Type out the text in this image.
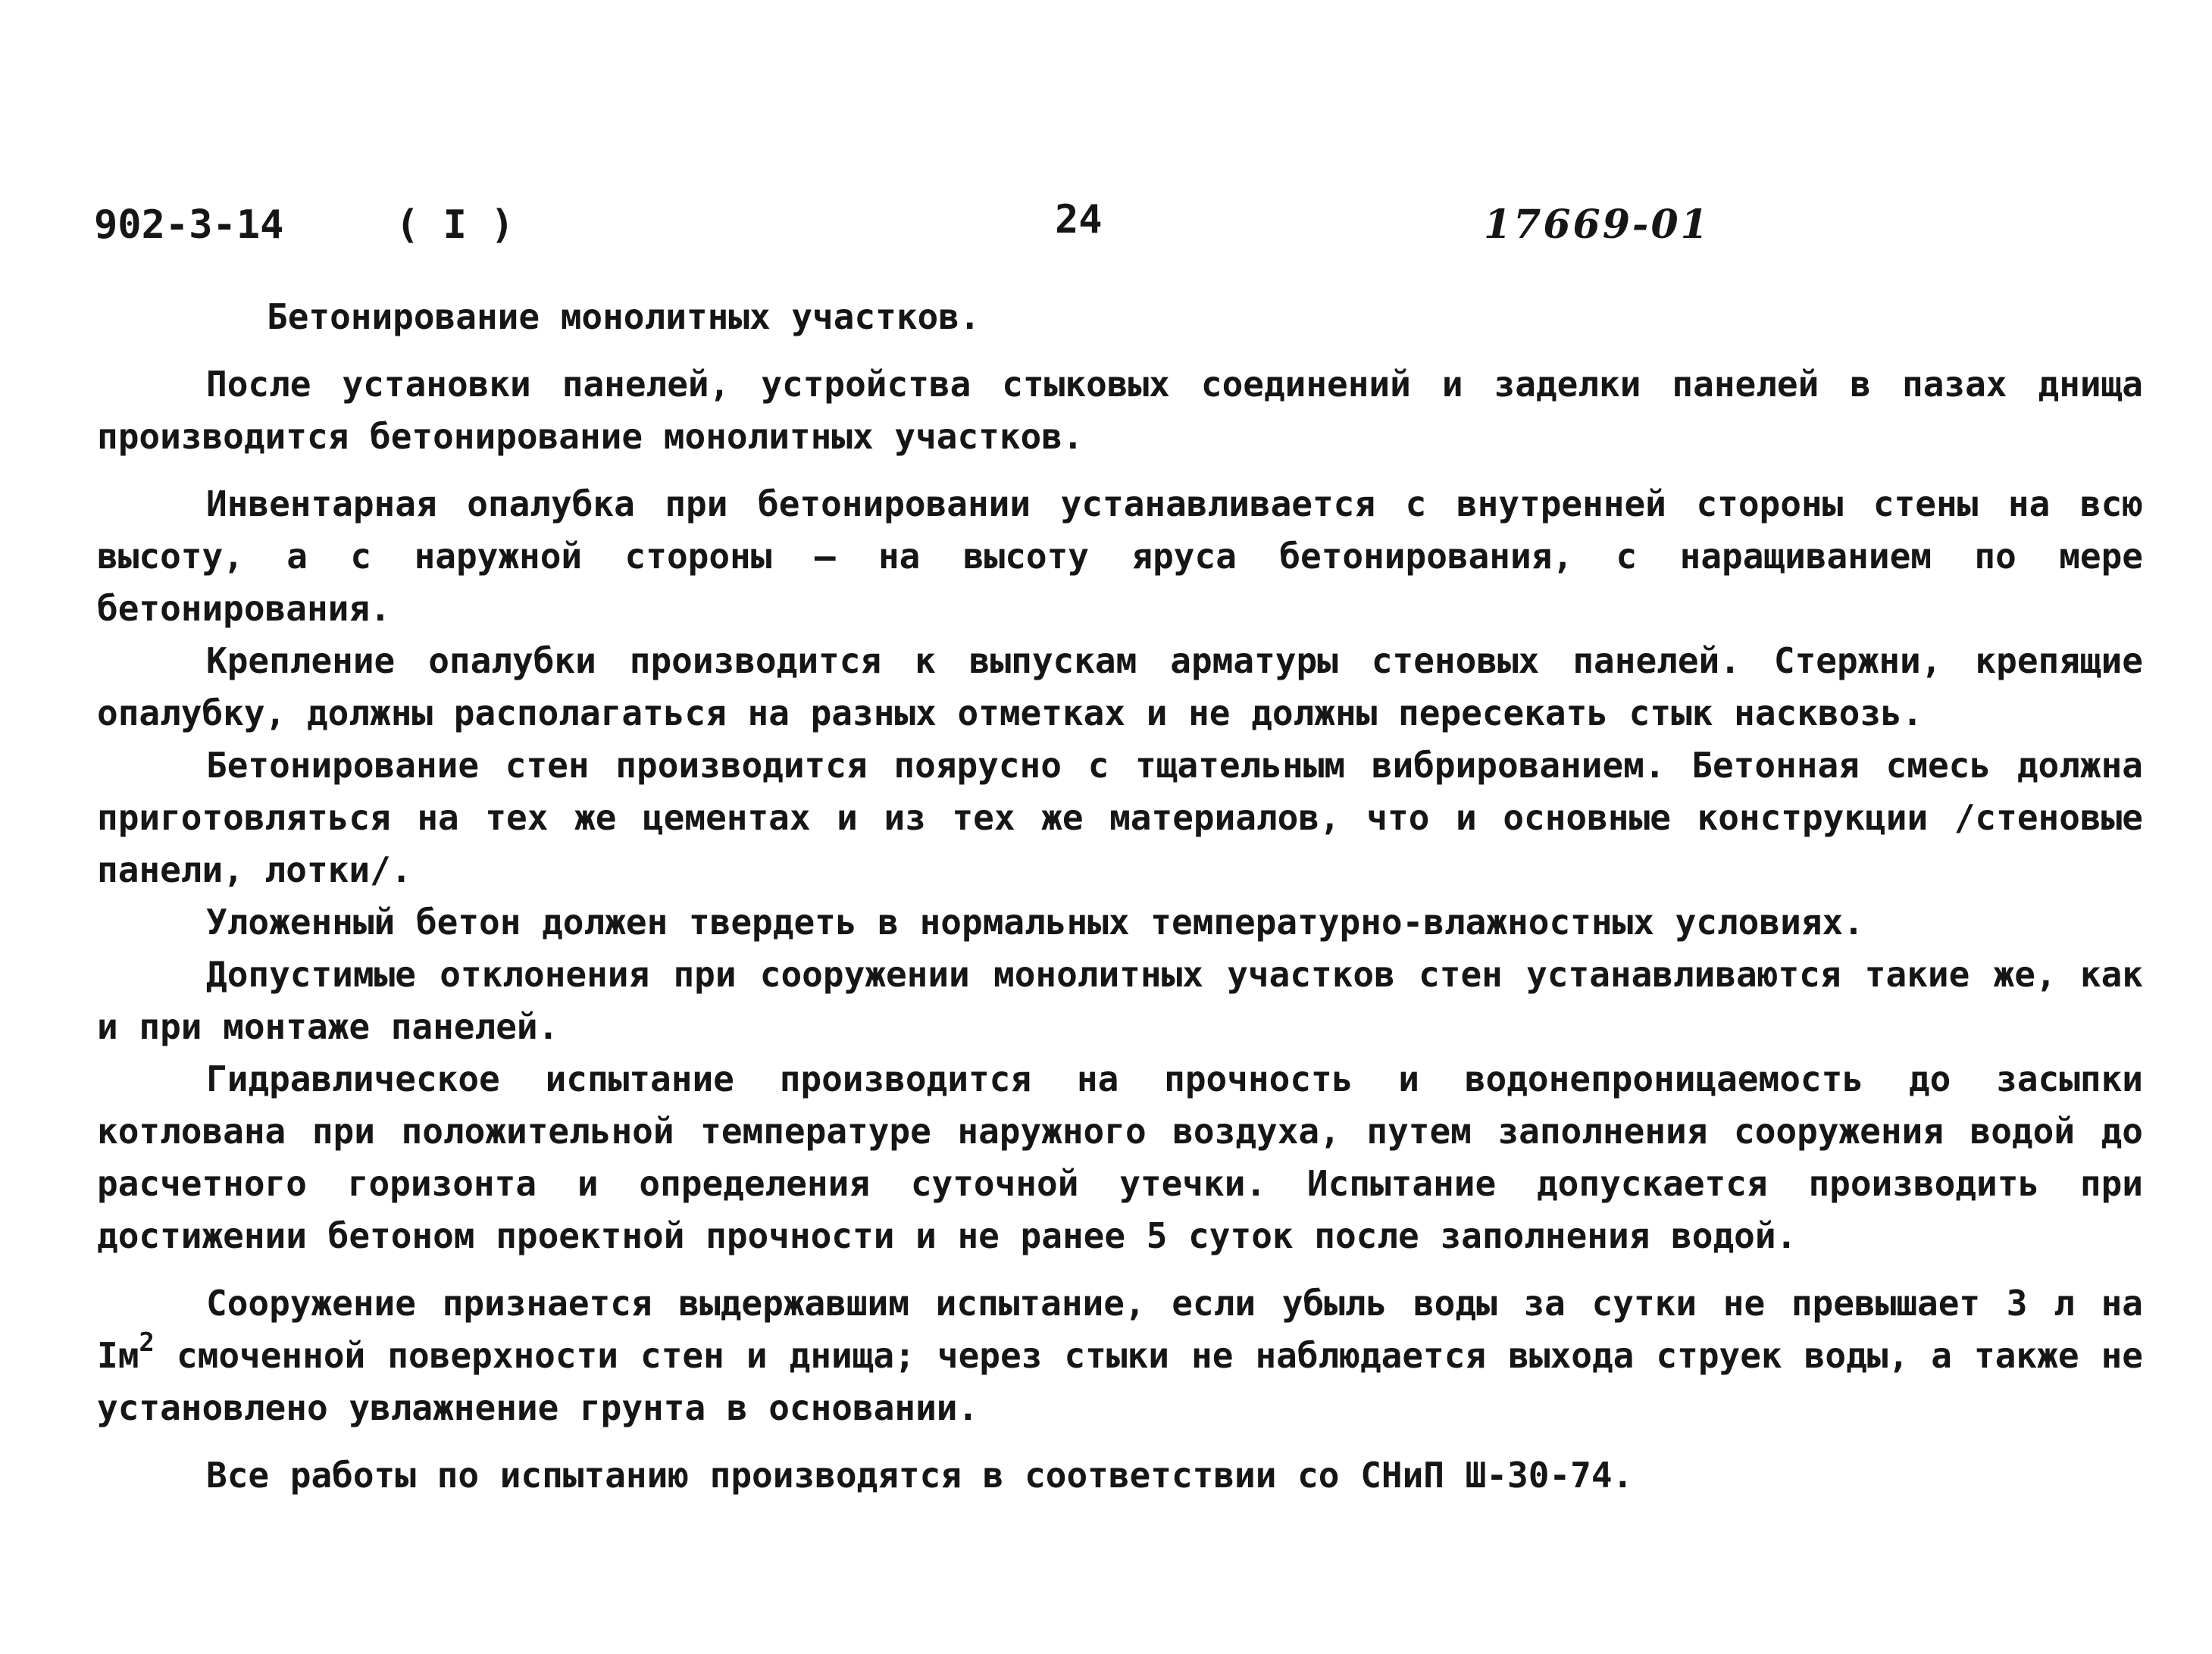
902-3-14	( I )	24	17669-01

Бетонирование монолитных участков.

После установки панелей, устройства стыковых соединений и заделки панелей в пазах днища производится бетонирование монолитных участков.

Инвентарная опалубка при бетонировании устанавливается с внутренней стороны стены на всю высоту, а с наружной стороны – на высоту яруса бетонирования, с наращиванием по мере бетонирования.

Крепление опалубки производится к выпускам арматуры стеновых панелей. Стержни, крепящие опалубку, должны располагаться на разных отметках и не должны пересекать стык насквозь.

Бетонирование стен производится поярусно с тщательным вибрированием. Бетонная смесь должна приготовляться на тех же цементах и из тех же материалов, что и основные конструкции /стеновые панели, лотки/.

Уложенный бетон должен твердеть в нормальных температурно-влажностных условиях.

Допустимые отклонения при сооружении монолитных участков стен устанавливаются такие же, как и при монтаже панелей.

Гидравлическое испытание производится на прочность и водонепроницаемость до засыпки котлована при положительной температуре наружного воздуха, путем заполнения сооружения водой до расчетного горизонта и определения суточной утечки. Испытание допускается производить при достижении бетоном проектной прочности и не ранее 5 суток после заполнения водой.

Сооружение признается выдержавшим испытание, если убыль воды за сутки не превышает 3 л на $Iм^2$ смоченной поверхности стен и днища; через стыки не наблюдается выхода струек воды, а также не установлено увлажнение грунта в основании.

Все работы по испытанию производятся в соответствии со СНиП Ш-30-74.
